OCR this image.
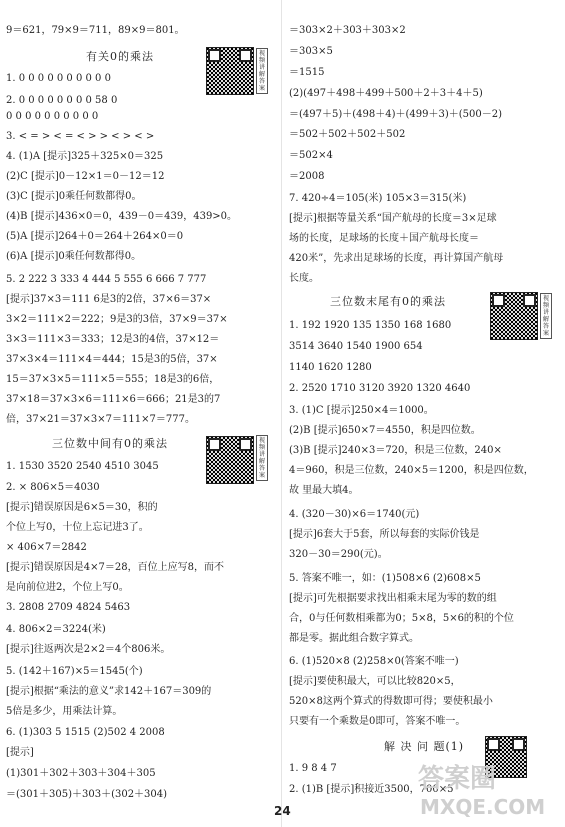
9＝621，79×9＝711，89×9＝801。
1. 0 0 0 0 0 0 0 0 0 0
2. 0 0 0 0 0 0 0 0 58 0
0 0 0 0 0 0 0 0 0 0
3. < = > < = < > > < > < >
4. (1)A [提示]325＋325×0＝325
(2)C [提示]0－12×1＝0－12＝12
(3)C [提示]0乘任何数都得0。
(4)B [提示]436×0＝0，439－0＝439，439>0。
(5)A [提示]264＋0＝264＋264×0＝0
(6)A [提示]0乘任何数都得0。
5. 2 222 3 333 4 444 5 555 6 666 7 777
[提示]37×3＝111 6是3的2倍，37×6＝37×
3×2＝111×2＝222；9是3的3倍，37×9＝37×
3×3＝111×3＝333；12是3的4倍，37×12＝
37×3×4＝111×4＝444；15是3的5倍，37×
15＝37×3×5＝111×5＝555；18是3的6倍，
37×18＝37×3×6＝111×6＝666；21是3的7
倍，37×21＝37×3×7＝111×7＝777。
1. 1530 3520 2540 4510 3045
2. × 806×5＝4030
[提示]错误原因是6×5＝30，积的
个位上写0，十位上忘记进3了。
× 406×7＝2842
[提示]错误原因是4×7＝28，百位上应写8，而不
是向前位进2，个位上写0。
3. 2808 2709 4824 5463
4. 806×2＝3224(米)
[提示]往返两次是2×2＝4个806米。
5. (142＋167)×5＝1545(个)
[提示]根据“乘法的意义”求142＋167＝309的
5倍是多少，用乘法计算。
6. (1)303 5 1515 (2)502 4 2008
[提示]
(1)301＋302＋303＋304＋305
＝(301＋305)＋303＋(302＋304)
有关0的乘法
三位数中间有0的乘法
＝303×2＋303＋303×2
＝303×5
＝1515
(2)(497＋498＋499＋500＋2＋3＋4＋5)
＝(497＋5)＋(498＋4)＋(499＋3)＋(500－2)
＝502＋502＋502＋502
＝502×4
＝2008
7. 420÷4＝105(米) 105×3＝315(米)
[提示]根据等量关系“国产航母的长度＝3×足球
场的长度，足球场的长度＋国产航母长度＝
420米”，先求出足球场的长度，再计算国产航母
长度。
1. 192 1920 135 1350 168 1680
3514 3640 1540 1900 654
1140 1620 1280
2. 2520 1710 3120 3920 1320 4640
3. (1)C [提示]250×4＝1000。
(2)B [提示]650×7＝4550，积是四位数。
(3)B [提示]240×3＝720，积是三位数，240×
4＝960，积是三位数，240×5＝1200，积是四位数，
故 里最大填4。
4. (320－30)×6＝1740(元)
[提示]6套大于5套，所以每套的实际价钱是
320－30＝290(元)。
5. 答案不唯一，如：(1)508×6 (2)608×5
[提示]可先根据要求找出相乘末尾为零的数的组
合，0与任何数相乘都为0；5×8，5×6的积的个位
都是零。据此组合数字算式。
6. (1)520×8 (2)258×0(答案不唯一)
[提示]要使积最大，可以比较820×5，
520×8这两个算式的得数即可得；要使积最小
只要有一个乘数是0即可，答案不唯一。
1. 9 8 4 7
2. (1)B [提示]积接近3500，700×5
三位数末尾有0的乘法
解 决 问 题(1)
视频讲解答案
视频讲解答案
视频讲解答案
答案圈
MXQE.COM
24
